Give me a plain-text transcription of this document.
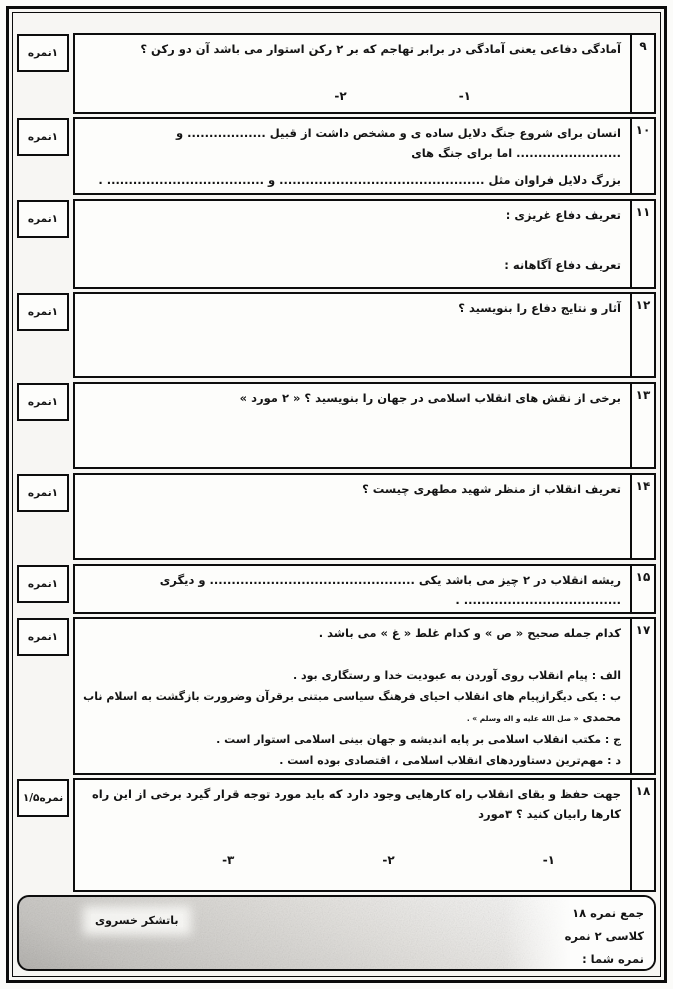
۹
آمادگی دفاعی یعنی آمادگی در برابر تهاجم که بر ۲ رکن استوار می باشد آن دو رکن ؟
۱-
۲-
۱نمره
۱۰
انسان برای شروع جنگ دلایل ساده ی و مشخص داشت از قبیل .................. و ........................ اما برای جنگ های
بزرگ دلایل فراوان مثل ............................................... و .................................... .
۱نمره
۱۱
تعریف دفاع غریزی :
تعریف دفاع آگاهانه :
۱نمره
۱۲
آثار و نتایج دفاع را بنویسید ؟
۱نمره
۱۳
برخی از نقش های انقلاب اسلامی در جهان را بنویسید ؟ « ۲ مورد »
۱نمره
۱۴
تعریف انقلاب از منظر شهید مطهری چیست ؟
۱نمره
۱۵
ریشه انقلاب در ۲ چیز می باشد یکی ............................................... و دیگری .................................... .
۱نمره
۱۷
کدام جمله صحیح « ص » و کدام غلط « غ » می باشد .
الف : پیام انقلاب روی آوردن به عبودیت خدا و رستگاری بود .
ب : یکی دیگرازپیام های انقلاب احیای فرهنگ سیاسی مبتنی برقرآن وضرورت بازگشت به اسلام ناب محمدی « صل الله علیه و اله وسلم » .
ج : مکتب انقلاب اسلامی بر پایه اندیشه و جهان بینی اسلامی استوار است .
د : مهم‌ترین دستاوردهای انقلاب اسلامی ، اقتصادی بوده است .
۱نمره
۱۸
جهت حفظ و بقای انقلاب راه کارهایی وجود دارد که باید مورد توجه قرار گیرد برخی از این راه کارها رابیان کنید ؟ ۳مورد
۱-
۲-
۳-
۱/۵نمره
جمع نمره ۱۸
کلاسی ۲ نمره
نمره شما :
باتشکر خسروی
